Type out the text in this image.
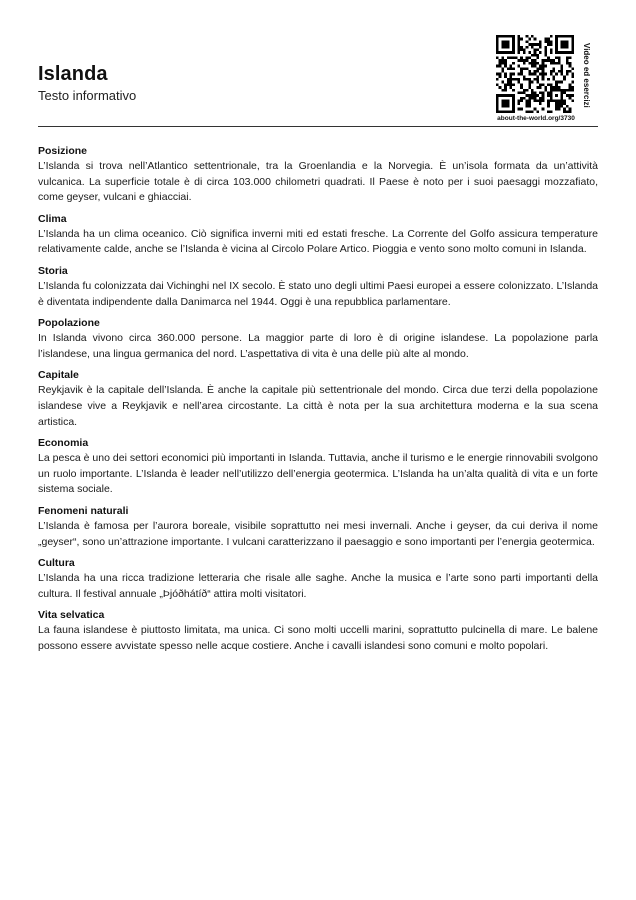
Islanda
Testo informativo
about-the-world.org/3730
Video ed esercizi
Posizione

L’Islanda si trova nell’Atlantico settentrionale, tra la Groenlandia e la Norvegia. È un’isola formata da un’attività vulcanica. La superficie totale è di circa 103.000 chilometri quadrati. Il Paese è noto per i suoi paesaggi mozzafiato, come geyser, vulcani e ghiacciai.

Clima

L’Islanda ha un clima oceanico. Ciò significa inverni miti ed estati fresche. La Corrente del Golfo assicura temperature relativamente calde, anche se l’Islanda è vicina al Circolo Polare Artico. Pioggia e vento sono molto comuni in Islanda.

Storia

L’Islanda fu colonizzata dai Vichinghi nel IX secolo. È stato uno degli ultimi Paesi europei a essere colonizzato. L’Islanda è diventata indipendente dalla Danimarca nel 1944. Oggi è una repubblica parlamentare.

Popolazione

In Islanda vivono circa 360.000 persone. La maggior parte di loro è di origine islandese. La popolazione parla l’islandese, una lingua germanica del nord. L’aspettativa di vita è una delle più alte al mondo.

Capitale

Reykjavik è la capitale dell’Islanda. È anche la capitale più settentrionale del mondo. Circa due terzi della popolazione islandese vive a Reykjavik e nell’area circostante. La città è nota per la sua architettura moderna e la sua scena artistica.

Economia

La pesca è uno dei settori economici più importanti in Islanda. Tuttavia, anche il turismo e le energie rinnovabili svolgono un ruolo importante. L’Islanda è leader nell’utilizzo dell’energia geotermica. L’Islanda ha un’alta qualità di vita e un forte sistema sociale.

Fenomeni naturali

L’Islanda è famosa per l’aurora boreale, visibile soprattutto nei mesi invernali. Anche i geyser, da cui deriva il nome „geyser“, sono un’attrazione importante. I vulcani caratterizzano il paesaggio e sono importanti per l’energia geotermica.

Cultura

L’Islanda ha una ricca tradizione letteraria che risale alle saghe. Anche la musica e l’arte sono parti importanti della cultura. Il festival annuale „Þjóðhátíð“ attira molti visitatori.

Vita selvatica

La fauna islandese è piuttosto limitata, ma unica. Ci sono molti uccelli marini, soprattutto pulcinella di mare. Le balene possono essere avvistate spesso nelle acque costiere. Anche i cavalli islandesi sono comuni e molto popolari.
